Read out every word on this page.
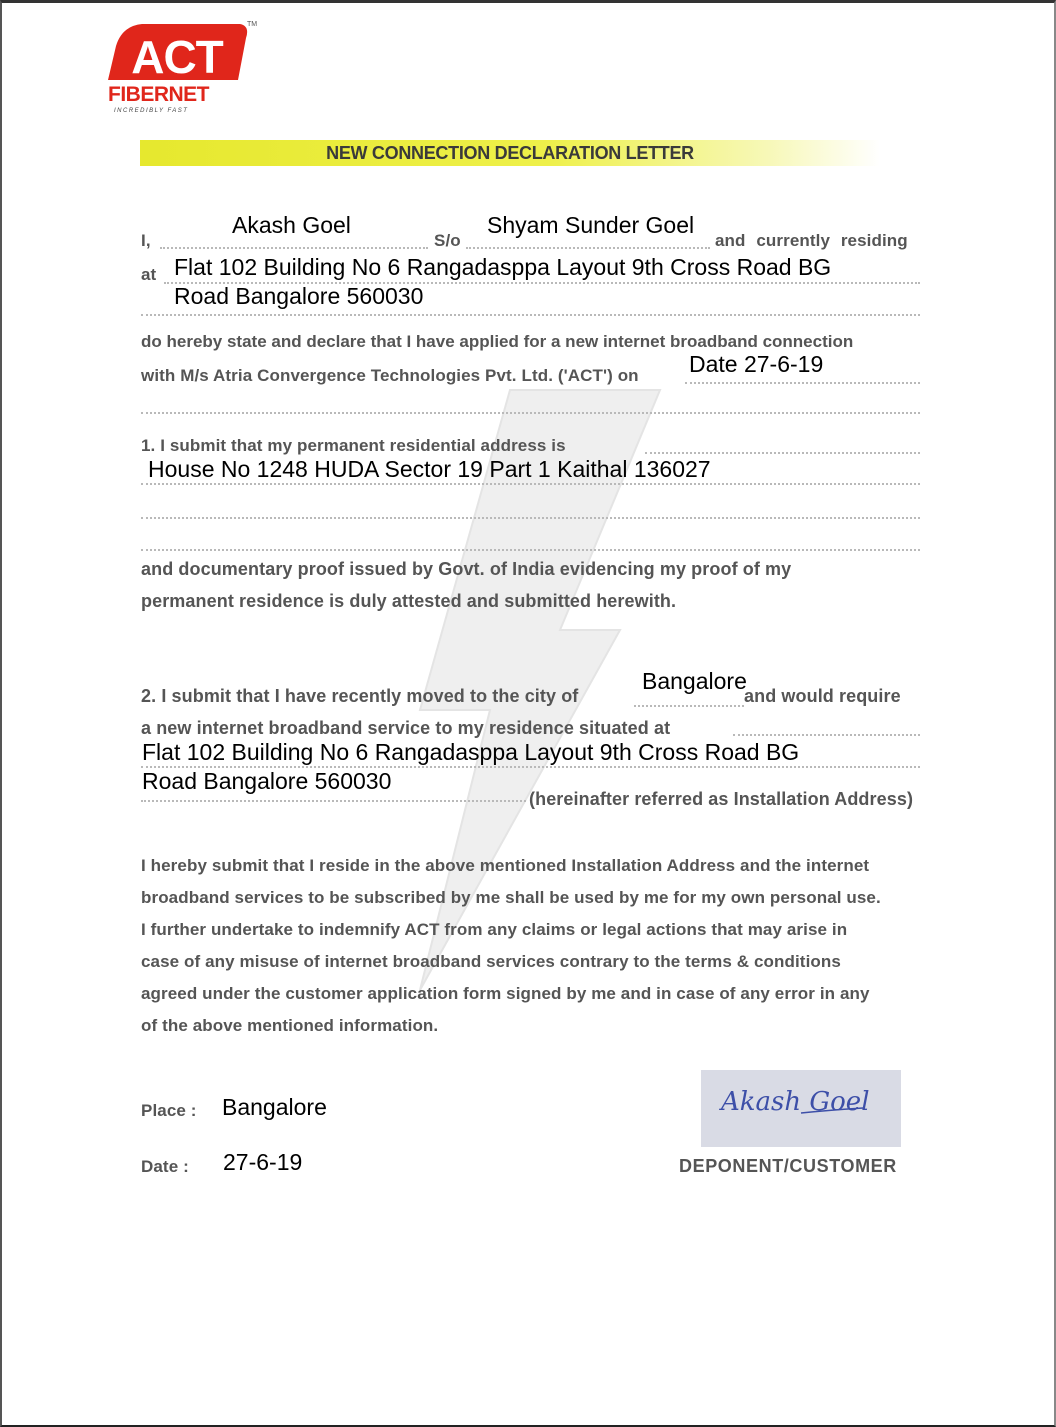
ACT
TM
FIBERNET
INCREDIBLY FAST
NEW CONNECTION DECLARATION LETTER
I,
Akash Goel
S/o
Shyam Sunder Goel
and currently residing
at Flat 102 Building No 6 Rangadasppa Layout 9th Cross Road BG
Road Bangalore 560030
do hereby state and declare that I have applied for a new internet broadband connection
with M/s Atria Convergence Technologies Pvt. Ltd. ('ACT') on Date 27-6-19
1. I submit that my permanent residential address is
House No 1248 HUDA Sector 19 Part 1 Kaithal 136027
and documentary proof issued by Govt. of India evidencing my proof of my
permanent residence is duly attested and submitted herewith.
2. I submit that I have recently moved to the city of
Bangalore
and would require
a new internet broadband service to my residence situated at
Flat 102 Building No 6 Rangadasppa Layout 9th Cross Road BG
Road Bangalore 560030
(hereinafter referred as Installation Address)
I hereby submit that I reside in the above mentioned Installation Address and the internet
broadband services to be subscribed by me shall be used by me for my own personal use.
I further undertake to indemnify ACT from any claims or legal actions that may arise in
case of any misuse of internet broadband services contrary to the terms & conditions
agreed under the customer application form signed by me and in case of any error in any
of the above mentioned information.
Place : Bangalore
Date : 27-6-19
Akash Goel
DEPONENT/CUSTOMER
